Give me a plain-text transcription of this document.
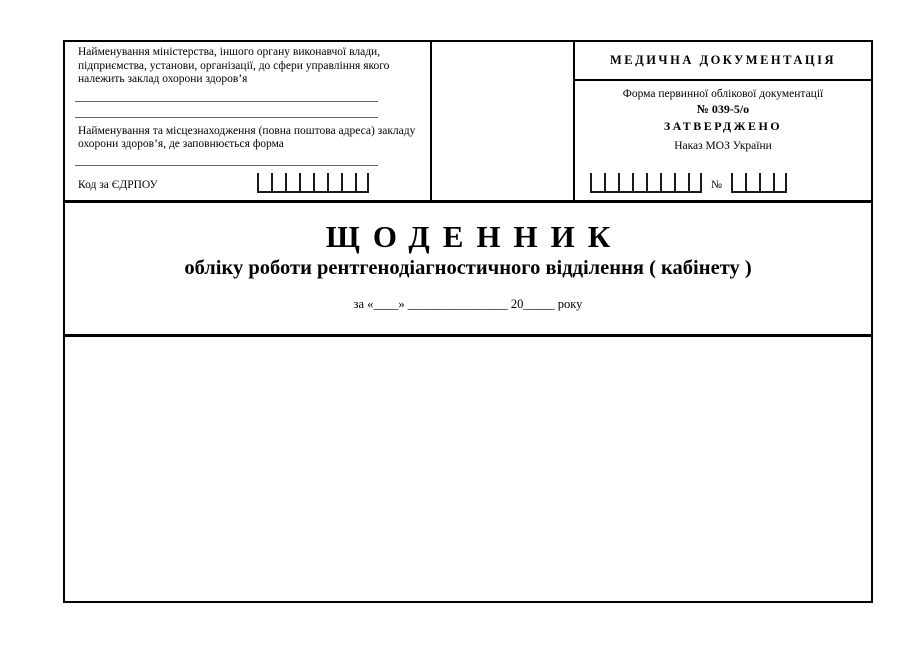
Найменування міністерства, іншого органу виконавчої влади, підприємства, установи, організації, до сфери управління якого належить заклад охорони здоров’я
Найменування та місцезнаходження (повна поштова адреса) закладу охорони здоров’я, де заповнюється форма
Код за ЄДРПОУ
МЕДИЧНА ДОКУМЕНТАЦІЯ
Форма первинної облікової документації
№ 039-5/о
ЗАТВЕРДЖЕНО
Наказ МОЗ України
№
ЩОДЕННИК
обліку роботи рентгенодіагностичного відділення ( кабінету )
за «____» ________________ 20_____ року
